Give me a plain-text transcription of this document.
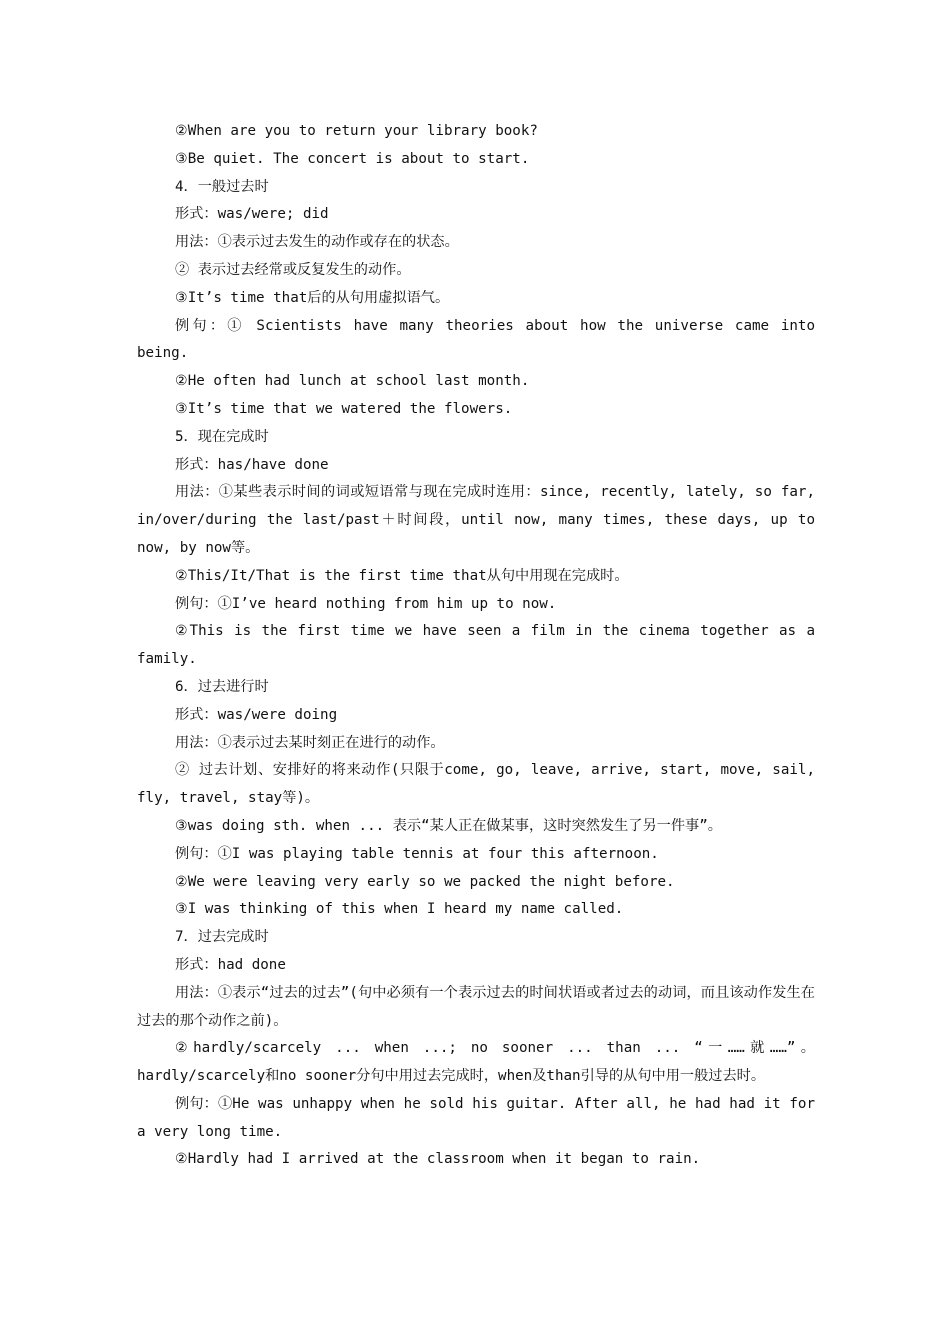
②When are you to return your library book?
③Be quiet. The concert is about to start.
4．一般过去时
形式：was/were; did
用法：①表示过去发生的动作或存在的状态。
② 表示过去经常或反复发生的动作。
③It’s time that后的从句用虚拟语气。
例句：① Scientists have many theories about how the universe came into being.
②He often had lunch at school last month.
③It’s time that we watered the flowers.
5．现在完成时
形式：has/have done
用法：①某些表示时间的词或短语常与现在完成时连用：since, recently, lately, so far, in/over/during the last/past＋时间段，until now, many times, these days, up to now, by now等。
②This/It/That is the first time that从句中用现在完成时。
例句：①I’ve heard nothing from him up to now.
②This is the first time we have seen a film in the cinema together as a family.
6．过去进行时
形式：was/were doing
用法：①表示过去某时刻正在进行的动作。
② 过去计划、安排好的将来动作(只限于come, go, leave, arrive, start, move, sail, fly, travel, stay等)。
③was doing sth. when ... 表示“某人正在做某事，这时突然发生了另一件事”。
例句：①I was playing table tennis at four this afternoon.
②We were leaving very early so we packed the night before.
③I was thinking of this when I heard my name called.
7．过去完成时
形式：had done
用法：①表示“过去的过去”(句中必须有一个表示过去的时间状语或者过去的动词，而且该动作发生在过去的那个动作之前)。
②hardly/scarcely ... when ...; no sooner ... than ... “一……就……”。hardly/scarcely和no sooner分句中用过去完成时，when及than引导的从句中用一般过去时。
例句：①He was unhappy when he sold his guitar. After all, he had had it for a very long time.
②Hardly had I arrived at the classroom when it began to rain.
